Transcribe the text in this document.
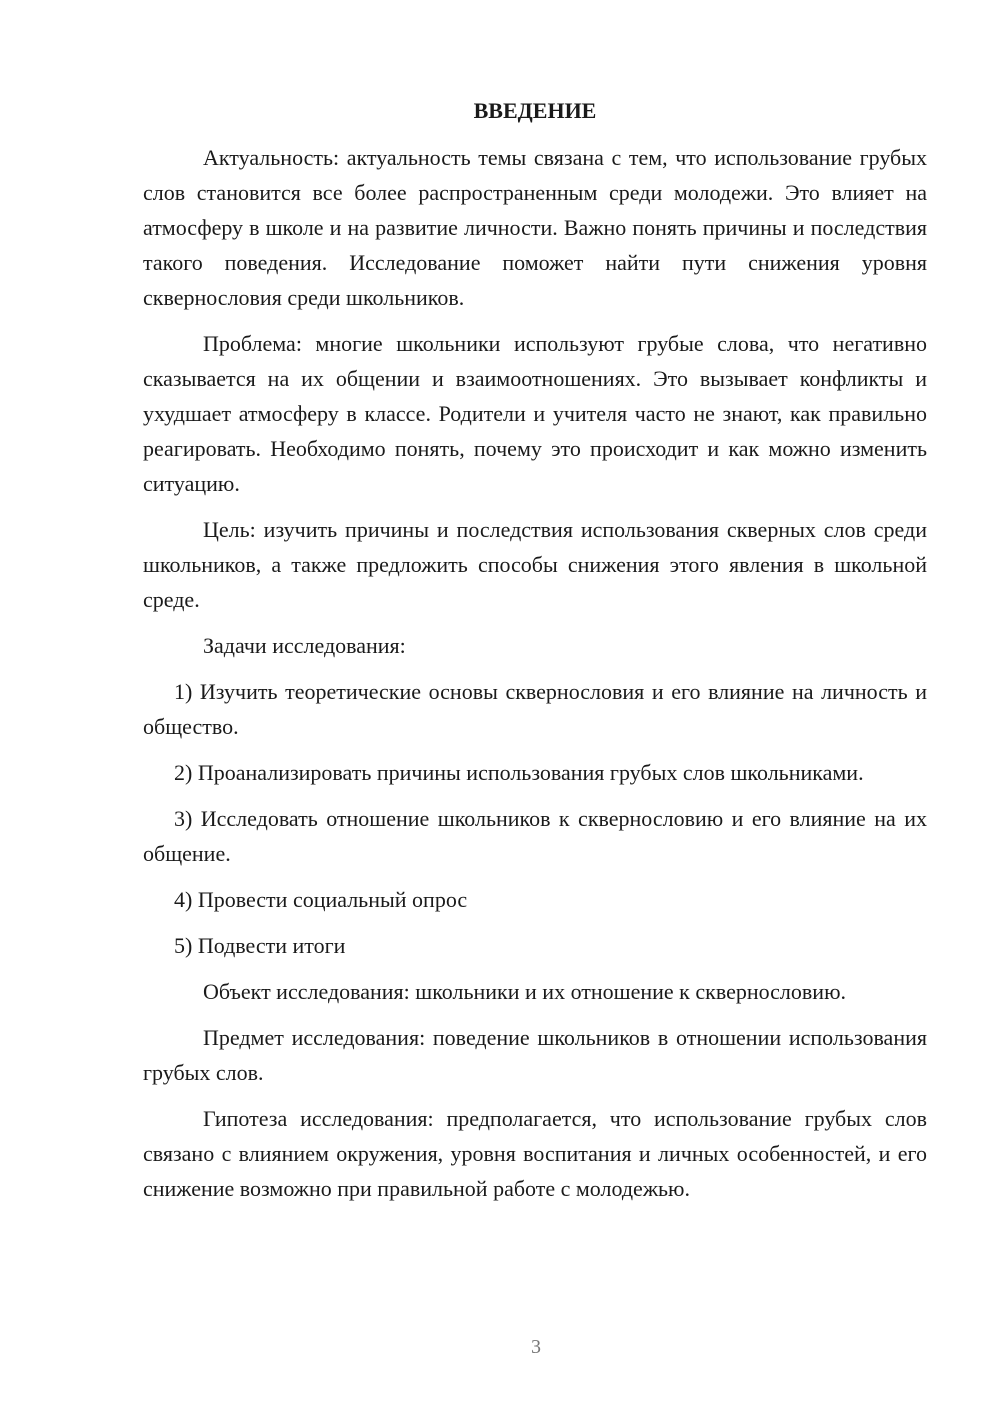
ВВЕДЕНИЕ

Актуальность: актуальность темы связана с тем, что использование грубых слов становится все более распространенным среди молодежи. Это влияет на атмосферу в школе и на развитие личности. Важно понять причины и последствия такого поведения. Исследование поможет найти пути снижения уровня сквернословия среди школьников.

Проблема: многие школьники используют грубые слова, что негативно сказывается на их общении и взаимоотношениях. Это вызывает конфликты и ухудшает атмосферу в классе. Родители и учителя часто не знают, как правильно реагировать. Необходимо понять, почему это происходит и как можно изменить ситуацию.

Цель: изучить причины и последствия использования скверных слов среди школьников, а также предложить способы снижения этого явления в школьной среде.

Задачи исследования:

1) Изучить теоретические основы сквернословия и его влияние на личность и общество.

2) Проанализировать причины использования грубых слов школьниками.

3) Исследовать отношение школьников к сквернословию и его влияние на их общение.

4) Провести социальный опрос

5) Подвести итоги

Объект исследования: школьники и их отношение к сквернословию.

Предмет исследования: поведение школьников в отношении использования грубых слов.

Гипотеза исследования: предполагается, что использование грубых слов связано с влиянием окружения, уровня воспитания и личных особенностей, и его снижение возможно при правильной работе с молодежью.

3
